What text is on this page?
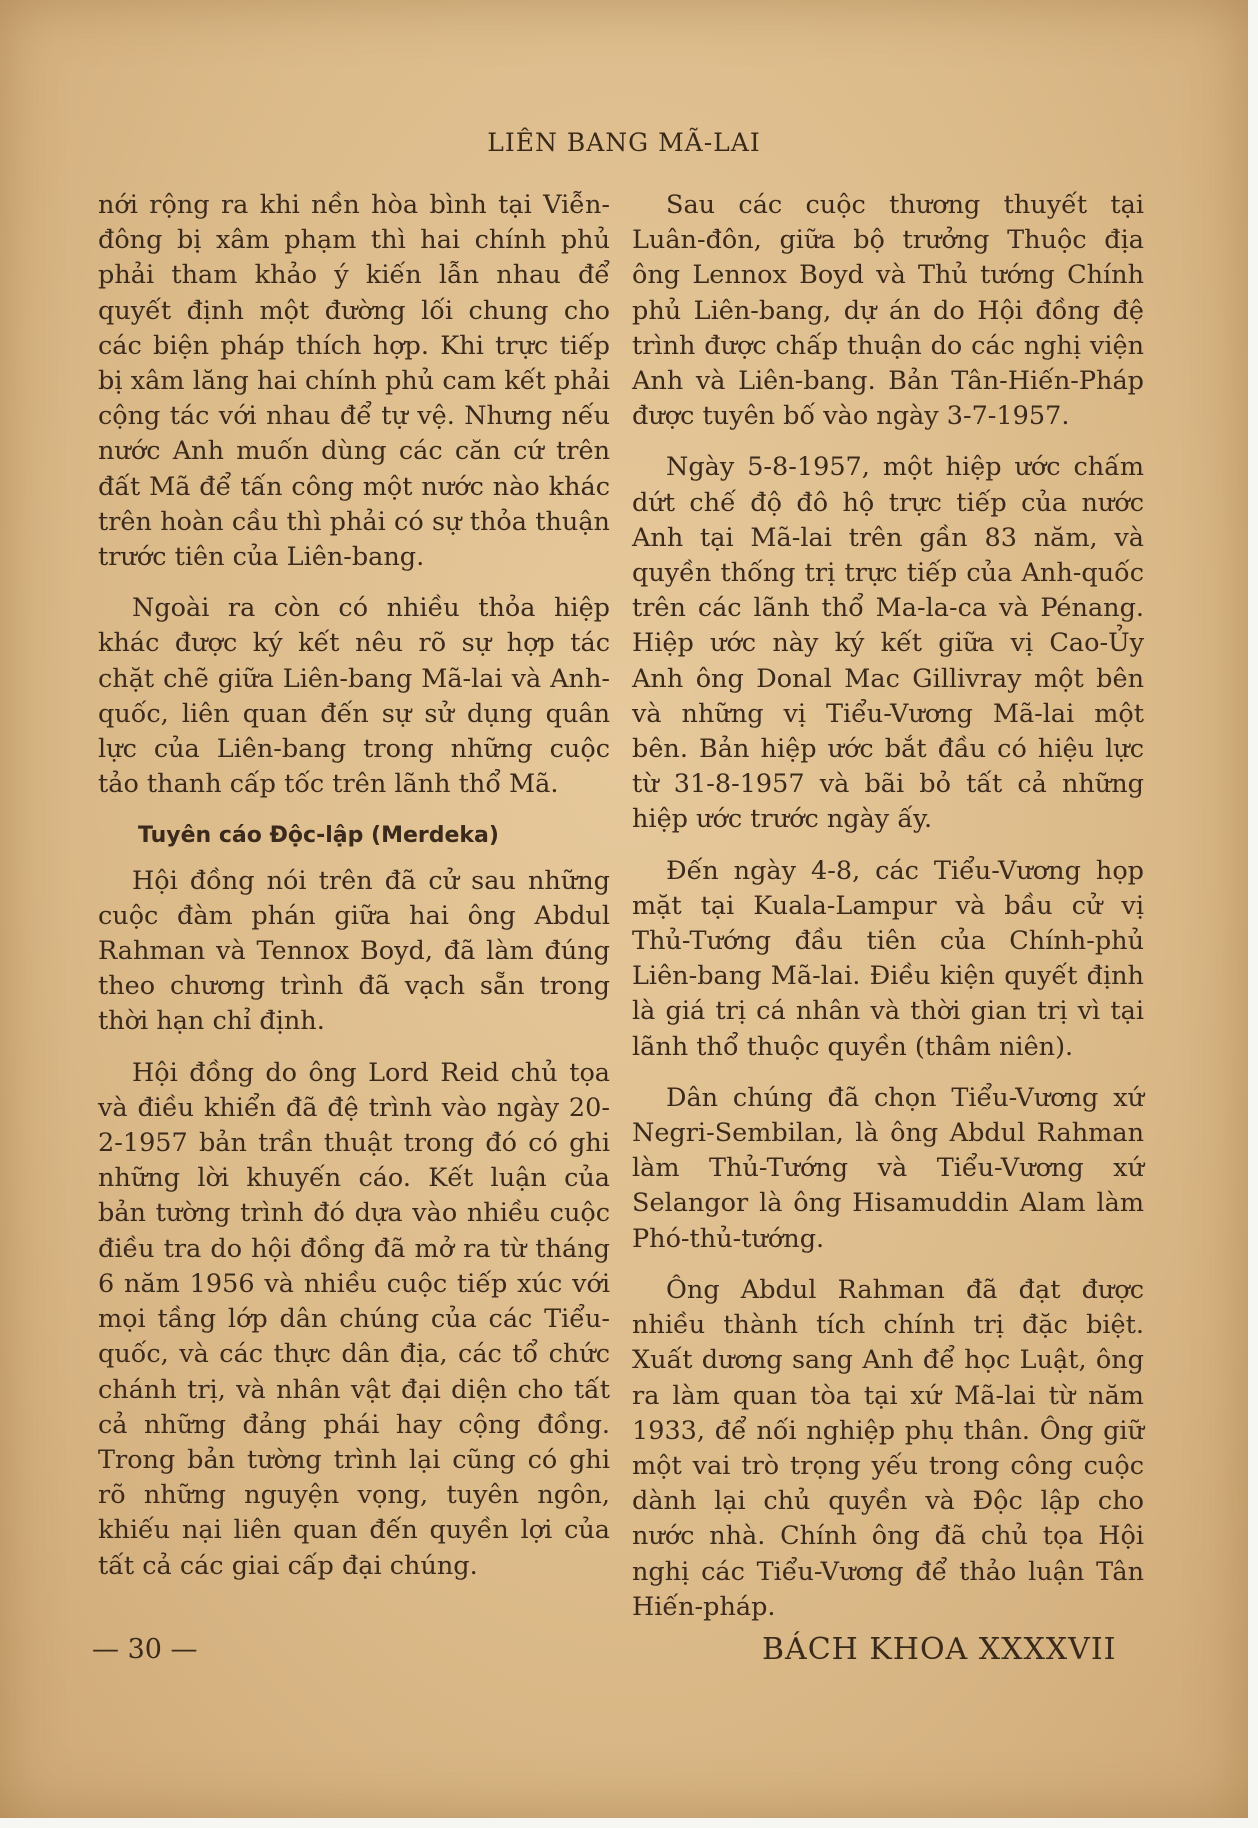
LIÊN BANG MÃ-LAI

nới rộng ra khi nền hòa bình tại Viễn-đông bị xâm phạm thì hai chính phủ phải tham khảo ý kiến lẫn nhau để quyết định một đường lối chung cho các biện pháp thích hợp. Khi trực tiếp bị xâm lăng hai chính phủ cam kết phải cộng tác với nhau để tự vệ. Nhưng nếu nước Anh muốn dùng các căn cứ trên đất Mã để tấn công một nước nào khác trên hoàn cầu thì phải có sự thỏa thuận trước tiên của Liên-bang.

Ngoài ra còn có nhiều thỏa hiệp khác được ký kết nêu rõ sự hợp tác chặt chẽ giữa Liên-bang Mã-lai và Anh-quốc, liên quan đến sự sử dụng quân lực của Liên-bang trong những cuộc tảo thanh cấp tốc trên lãnh thổ Mã.

Tuyên cáo Độc-lập (Merdeka)

Hội đồng nói trên đã cử sau những cuộc đàm phán giữa hai ông Abdul Rahman và Tennox Boyd, đã làm đúng theo chương trình đã vạch sẵn trong thời hạn chỉ định.

Hội đồng do ông Lord Reid chủ tọa và điều khiển đã đệ trình vào ngày 20-2-1957 bản trần thuật trong đó có ghi những lời khuyến cáo. Kết luận của bản tường trình đó dựa vào nhiều cuộc điều tra do hội đồng đã mở ra từ tháng 6 năm 1956 và nhiều cuộc tiếp xúc với mọi tầng lớp dân chúng của các Tiểu-quốc, và các thực dân địa, các tổ chức chánh trị, và nhân vật đại diện cho tất cả những đảng phái hay cộng đồng. Trong bản tường trình lại cũng có ghi rõ những nguyện vọng, tuyên ngôn, khiếu nại liên quan đến quyền lợi của tất cả các giai cấp đại chúng.

Sau các cuộc thương thuyết tại Luân-đôn, giữa bộ trưởng Thuộc địa ông Lennox Boyd và Thủ tướng Chính phủ Liên-bang, dự án do Hội đồng đệ trình được chấp thuận do các nghị viện Anh và Liên-bang. Bản Tân-Hiến-Pháp được tuyên bố vào ngày 3-7-1957.

Ngày 5-8-1957, một hiệp ước chấm dứt chế độ đô hộ trực tiếp của nước Anh tại Mã-lai trên gần 83 năm, và quyền thống trị trực tiếp của Anh-quốc trên các lãnh thổ Ma-la-ca và Pénang. Hiệp ước này ký kết giữa vị Cao-Ủy Anh ông Donal Mac Gillivray một bên và những vị Tiểu-Vương Mã-lai một bên. Bản hiệp ước bắt đầu có hiệu lực từ 31-8-1957 và bãi bỏ tất cả những hiệp ước trước ngày ấy.

Đến ngày 4-8, các Tiểu-Vương họp mặt tại Kuala-Lampur và bầu cử vị Thủ-Tướng đầu tiên của Chính-phủ Liên-bang Mã-lai. Điều kiện quyết định là giá trị cá nhân và thời gian trị vì tại lãnh thổ thuộc quyền (thâm niên).

Dân chúng đã chọn Tiểu-Vương xứ Negri-Sembilan, là ông Abdul Rahman làm Thủ-Tướng và Tiểu-Vương xứ Selangor là ông Hisamuddin Alam làm Phó-thủ-tướng.

Ông Abdul Rahman đã đạt được nhiều thành tích chính trị đặc biệt. Xuất dương sang Anh để học Luật, ông ra làm quan tòa tại xứ Mã-lai từ năm 1933, để nối nghiệp phụ thân. Ông giữ một vai trò trọng yếu trong công cuộc dành lại chủ quyền và Độc lập cho nước nhà. Chính ông đã chủ tọa Hội nghị các Tiểu-Vương để thảo luận Tân Hiến-pháp.

— 30 —	BÁCH KHOA XXXXVII
